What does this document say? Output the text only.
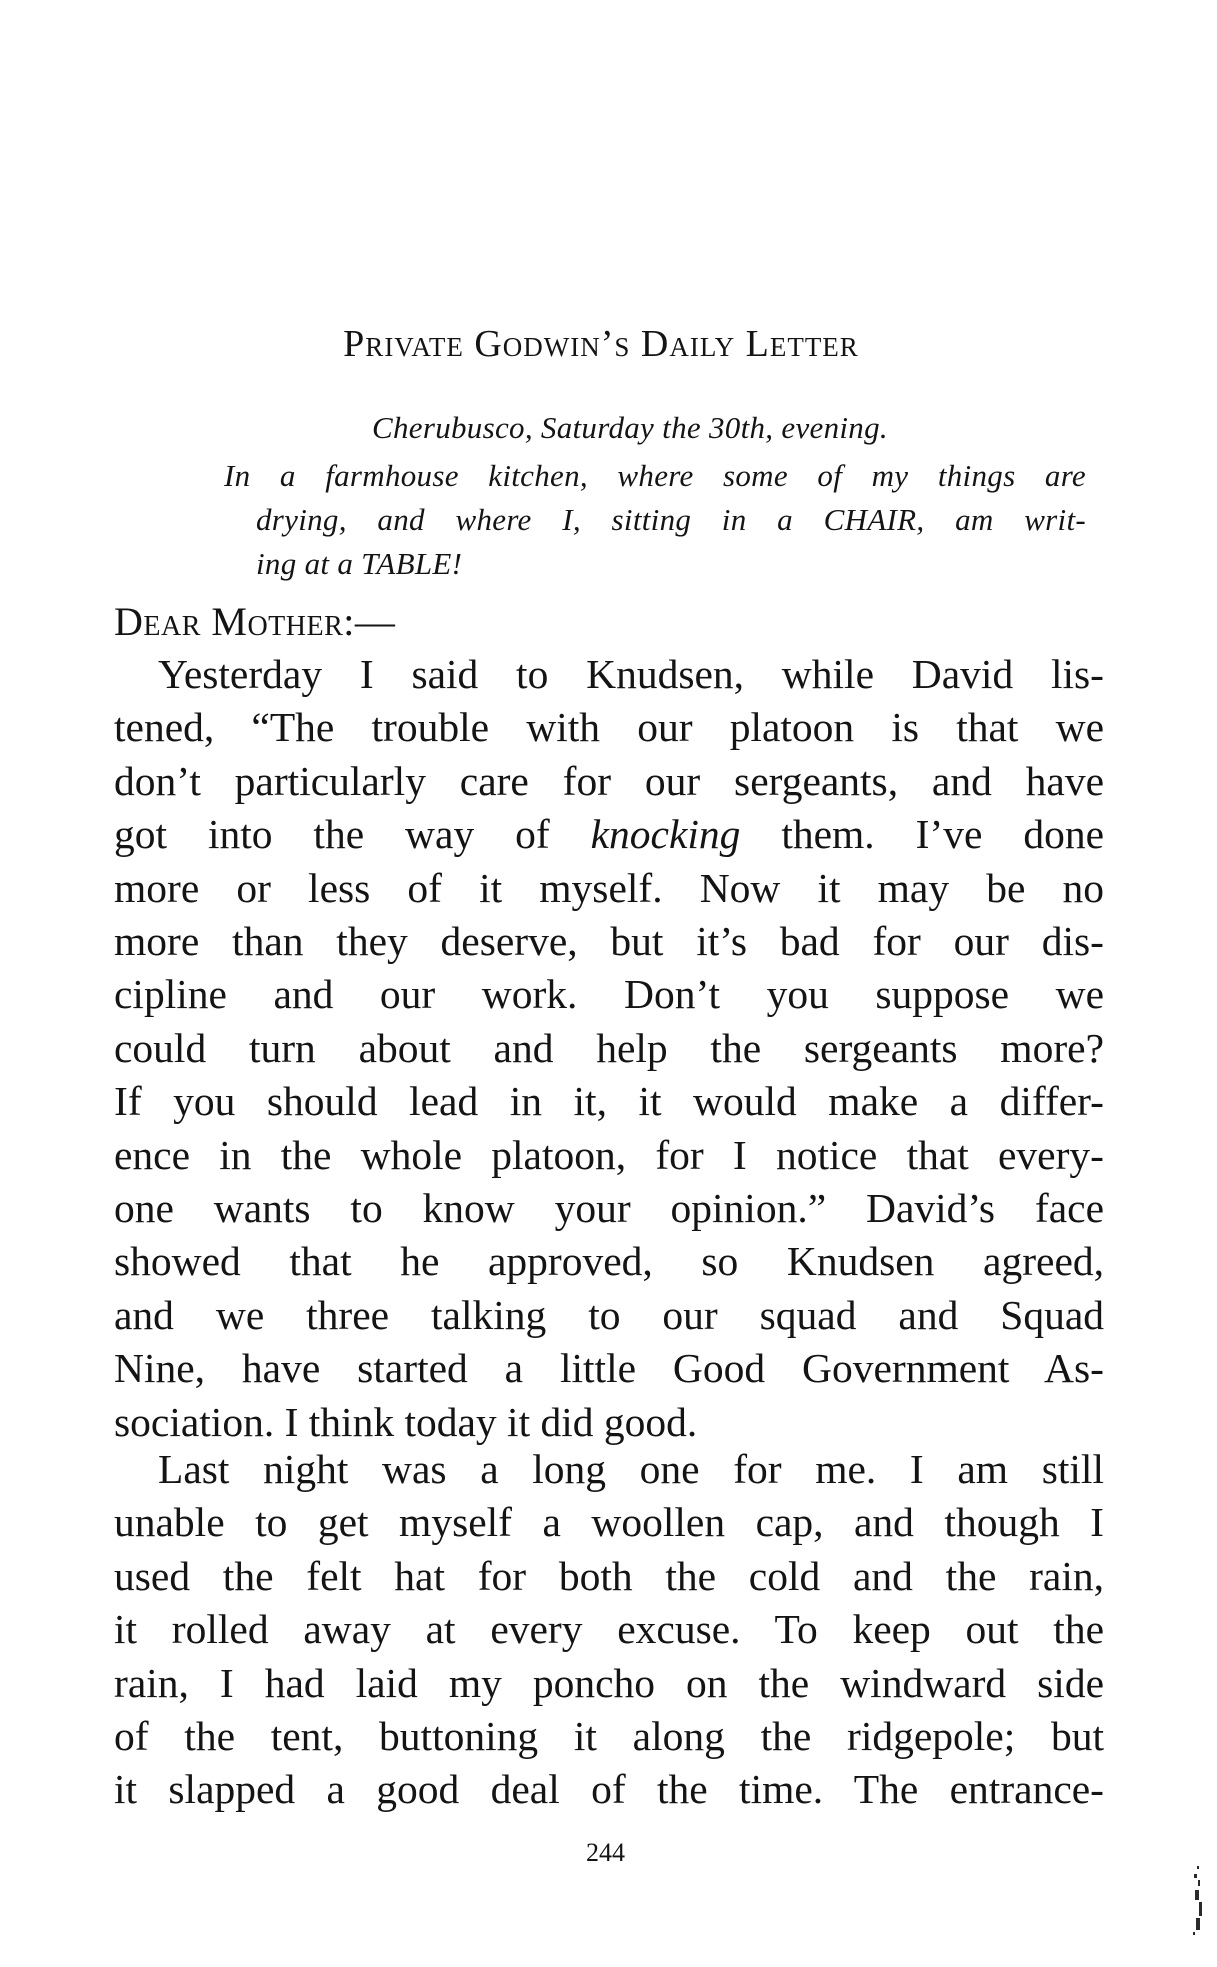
Private Godwin’s Daily Letter
Cherubusco, Saturday the 30th, evening.
In a farmhouse kitchen, where some of my things are
drying, and where I, sitting in a CHAIR, am writ-
ing at a TABLE!
Dear Mother:—
Yesterday I said to Knudsen, while David lis-
tened, “The trouble with our platoon is that we
don’t particularly care for our sergeants, and have
got into the way of knocking them. I’ve done
more or less of it myself. Now it may be no
more than they deserve, but it’s bad for our dis-
cipline and our work. Don’t you suppose we
could turn about and help the sergeants more?
If you should lead in it, it would make a differ-
ence in the whole platoon, for I notice that every-
one wants to know your opinion.” David’s face
showed that he approved, so Knudsen agreed,
and we three talking to our squad and Squad
Nine, have started a little Good Government As-
sociation. I think today it did good.
Last night was a long one for me. I am still
unable to get myself a woollen cap, and though I
used the felt hat for both the cold and the rain,
it rolled away at every excuse. To keep out the
rain, I had laid my poncho on the windward side
of the tent, buttoning it along the ridgepole; but
it slapped a good deal of the time. The entrance-
244
